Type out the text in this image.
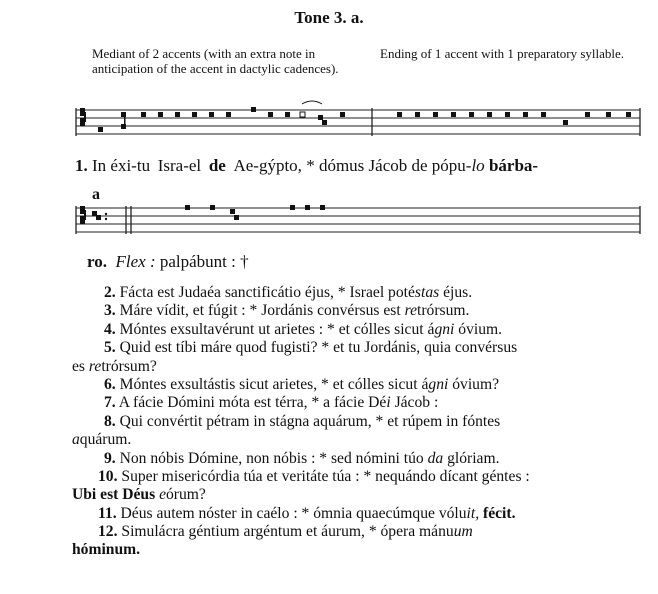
Tone 3. a.
Mediant of 2 accents (with an extra note in anticipation of the accent in dactylic cadences).
Ending of 1 accent with 1 preparatory syllable.
1. In éxi-tu   Isra-el   de   Ae-gýpto, * dómus Jácob de pópu-lo bárba-
a
ro. Flex : palpábunt : †
2. Fácta est Judaéa sanctificátio éjus, * Israel potéstas éjus.
3. Máre vídit, et fúgit : * Jordánis convérsus est retrórsum.
4. Móntes exsultavérunt ut arietes : * et cólles sicut ágni óvium.
5. Quid est tíbi máre quod fugisti? * et tu Jordánis, quia convérsus
es retrórsum?
6. Móntes exsultástis sicut arietes, * et cólles sicut ágni óvium?
7. A fácie Dómini móta est térra, * a fácie Déi Jácob :
8. Qui convértit pétram in stágna aquárum, * et rúpem in fóntes
aquárum.
9. Non nóbis Dómine, non nóbis : * sed nómini túo da glóriam.
10. Super misericórdia túa et veritáte túa : * nequándo dícant géntes :
Ubi est Déus eórum?
11. Déus autem nóster in caélo : * ómnia quaecúmque vóluit, fécit.
12. Simulácra géntium argéntum et áurum, * ópera mánuum
hóminum.
